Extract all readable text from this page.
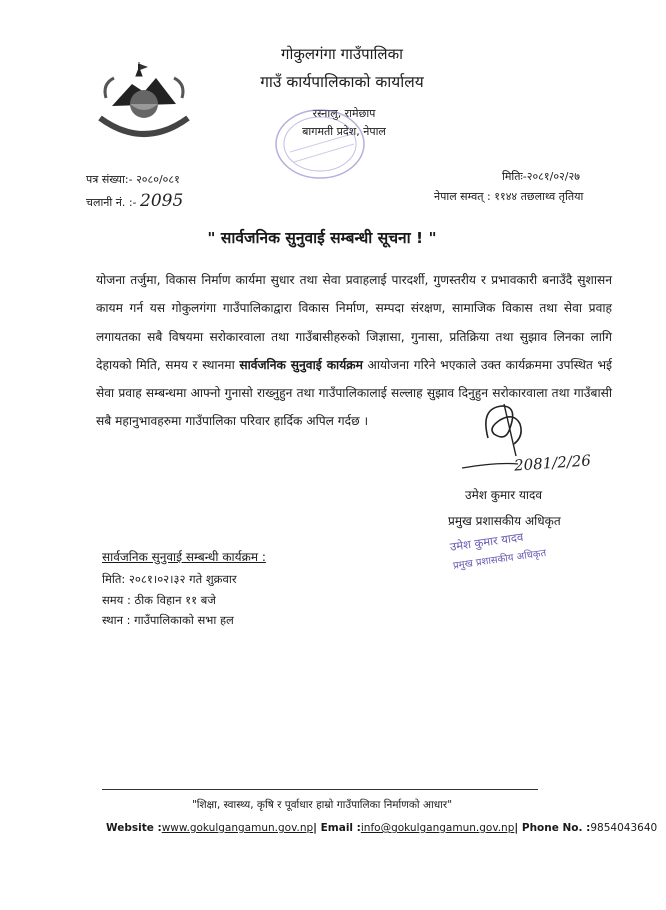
गोकुलगंगा गाउँपालिका
गाउँ कार्यपालिकाको कार्यालय
रस्नालु, रामेछाप
बागमती प्रदेश, नेपाल
पत्र संख्या:- २०८०/०८१
चलानी नं. :- 2095
मितिः-२०८१/०२/२७
नेपाल सम्वत् : ११४४ तछलाथ्व तृतिया
" सार्वजनिक सुनुवाई सम्बन्धी सूचना ! "
योजना तर्जुमा, विकास निर्माण कार्यमा सुधार तथा सेवा प्रवाहलाई पारदर्शी, गुणस्तरीय र प्रभावकारी बनाउँदै सुशासन कायम गर्न यस गोकुलगंगा गाउँपालिकाद्वारा विकास निर्माण, सम्पदा संरक्षण, सामाजिक विकास तथा सेवा प्रवाह लगायतका सबै विषयमा सरोकारवाला तथा गाउँबासीहरुको जिज्ञासा, गुनासा, प्रतिक्रिया तथा सुझाव लिनका लागि देहायको मिति, समय र स्थानमा सार्वजनिक सुनुवाई कार्यक्रम आयोजना गरिने भएकाले उक्त कार्यक्रममा उपस्थित भई सेवा प्रवाह सम्बन्धमा आफ्नो गुनासो राख्नुहुन तथा गाउँपालिकालाई सल्लाह सुझाव दिनुहुन सरोकारवाला तथा गाउँबासी सबै महानुभावहरुमा गाउँपालिका परिवार हार्दिक अपिल गर्दछ ।
2081/2/26
उमेश कुमार यादव
प्रमुख प्रशासकीय अधिकृत
उमेश कुमार यादव
प्रमुख प्रशासकीय अधिकृत
सार्वजनिक सुनुवाई सम्बन्धी कार्यक्रम :
मिति: २०८१।०२।३२ गते शुक्रवार
समय : ठीक विहान ११ बजे
स्थान : गाउँपालिकाको सभा हल
"शिक्षा, स्वास्थ्य, कृषि र पूर्वाधार हाम्रो गाउँपालिका निर्माणको आधार"
Website :www.gokulgangamun.gov.np| Email :info@gokulgangamun.gov.np| Phone No. :9854043640
